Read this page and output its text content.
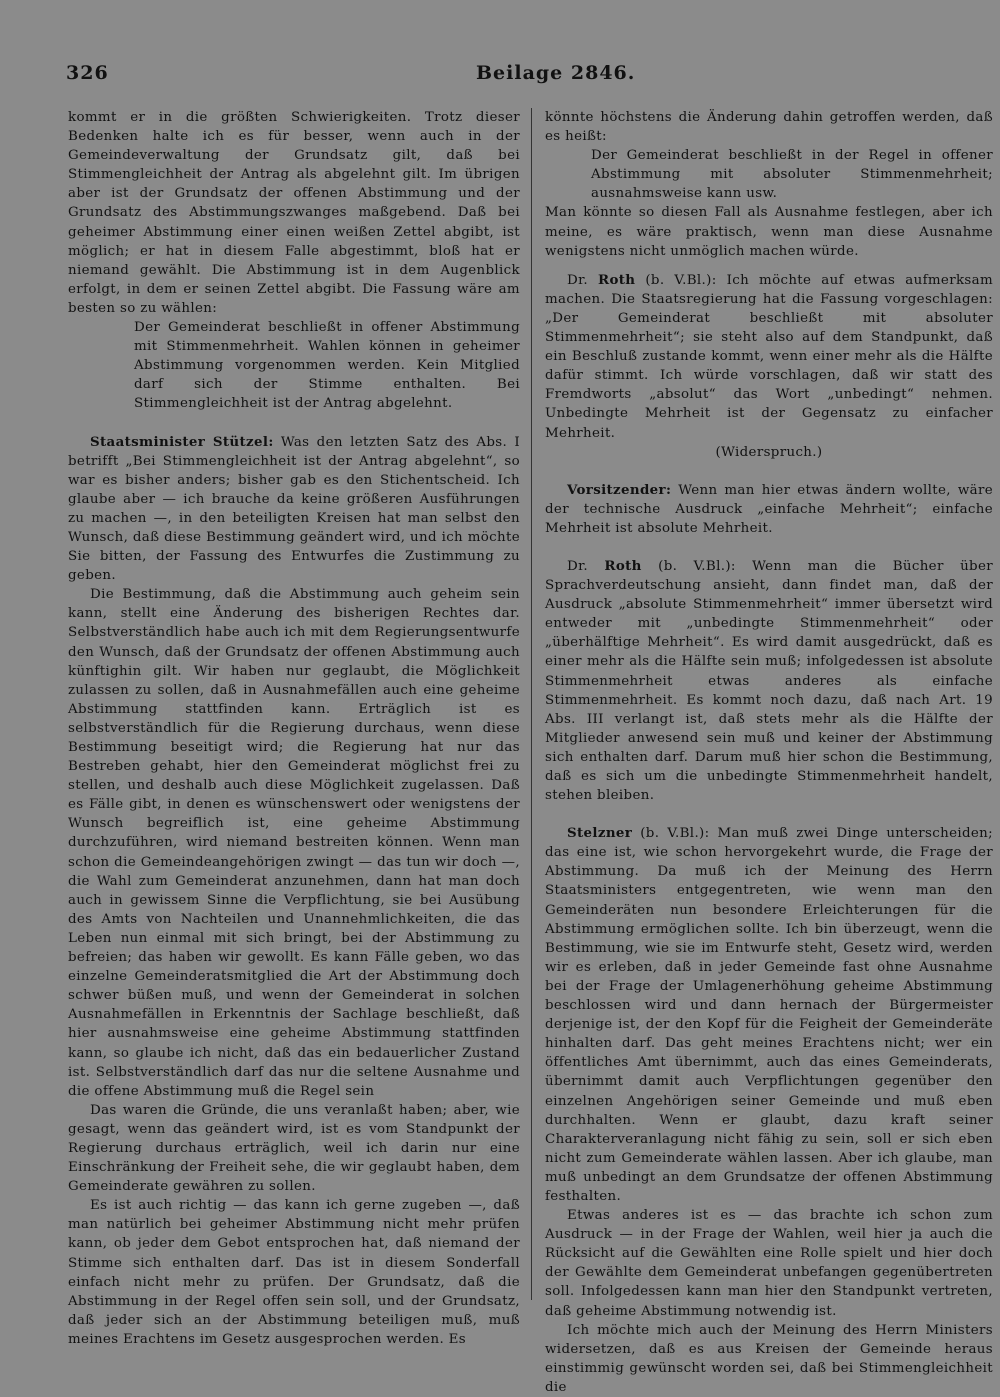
326	Beilage 2846.

kommt er in die größten Schwierigkeiten. Trotz dieser Bedenken halte ich es für besser, wenn auch in der Gemeindeverwaltung der Grundsatz gilt, daß bei Stimmengleichheit der Antrag als abgelehnt gilt. Im übrigen aber ist der Grundsatz der offenen Abstimmung und der Grundsatz des Abstimmungszwanges maßgebend. Daß bei geheimer Abstimmung einer einen weißen Zettel abgibt, ist möglich; er hat in diesem Falle abgestimmt, bloß hat er niemand gewählt. Die Abstimmung ist in dem Augenblick erfolgt, in dem er seinen Zettel abgibt. Die Fassung wäre am besten so zu wählen:

Der Gemeinderat beschließt in offener Abstimmung mit Stimmenmehrheit. Wahlen können in geheimer Abstimmung vorgenommen werden. Kein Mitglied darf sich der Stimme enthalten. Bei Stimmengleichheit ist der Antrag abgelehnt.

Staatsminister Stützel: Was den letzten Satz des Abs. I betrifft „Bei Stimmengleichheit ist der Antrag abgelehnt“, so war es bisher anders; bisher gab es den Stichentscheid. Ich glaube aber — ich brauche da keine größeren Ausführungen zu machen —, in den beteiligten Kreisen hat man selbst den Wunsch, daß diese Bestimmung geändert wird, und ich möchte Sie bitten, der Fassung des Entwurfes die Zustimmung zu geben.

Die Bestimmung, daß die Abstimmung auch geheim sein kann, stellt eine Änderung des bisherigen Rechtes dar. Selbstverständlich habe auch ich mit dem Regierungsentwurfe den Wunsch, daß der Grundsatz der offenen Abstimmung auch künftighin gilt. Wir haben nur geglaubt, die Möglichkeit zulassen zu sollen, daß in Ausnahmefällen auch eine geheime Abstimmung stattfinden kann. Erträglich ist es selbstverständlich für die Regierung durchaus, wenn diese Bestimmung beseitigt wird; die Regierung hat nur das Bestreben gehabt, hier den Gemeinderat möglichst frei zu stellen, und deshalb auch diese Möglichkeit zugelassen. Daß es Fälle gibt, in denen es wünschenswert oder wenigstens der Wunsch begreiflich ist, eine geheime Abstimmung durchzuführen, wird niemand bestreiten können. Wenn man schon die Gemeindeangehörigen zwingt — das tun wir doch —, die Wahl zum Gemeinderat anzunehmen, dann hat man doch auch in gewissem Sinne die Verpflichtung, sie bei Ausübung des Amts von Nachteilen und Unannehmlichkeiten, die das Leben nun einmal mit sich bringt, bei der Abstimmung zu befreien; das haben wir gewollt. Es kann Fälle geben, wo das einzelne Gemeinderatsmitglied die Art der Abstimmung doch schwer büßen muß, und wenn der Gemeinderat in solchen Ausnahmefällen in Erkenntnis der Sachlage beschließt, daß hier ausnahmsweise eine geheime Abstimmung stattfinden kann, so glaube ich nicht, daß das ein bedauerlicher Zustand ist. Selbstverständlich darf das nur die seltene Ausnahme und die offene Abstimmung muß die Regel sein

Das waren die Gründe, die uns veranlaßt haben; aber, wie gesagt, wenn das geändert wird, ist es vom Standpunkt der Regierung durchaus erträglich, weil ich darin nur eine Einschränkung der Freiheit sehe, die wir geglaubt haben, dem Gemeinderate gewähren zu sollen.

Es ist auch richtig — das kann ich gerne zugeben —, daß man natürlich bei geheimer Abstimmung nicht mehr prüfen kann, ob jeder dem Gebot entsprochen hat, daß niemand der Stimme sich enthalten darf. Das ist in diesem Sonderfall einfach nicht mehr zu prüfen. Der Grundsatz, daß die Abstimmung in der Regel offen sein soll, und der Grundsatz, daß jeder sich an der Abstimmung beteiligen muß, muß meines Erachtens im Gesetz ausgesprochen werden. Es

könnte höchstens die Änderung dahin getroffen werden, daß es heißt:

Der Gemeinderat beschließt in der Regel in offener Abstimmung mit absoluter Stimmenmehrheit; ausnahmsweise kann usw.

Man könnte so diesen Fall als Ausnahme festlegen, aber ich meine, es wäre praktisch, wenn man diese Ausnahme wenigstens nicht unmöglich machen würde.

Dr. Roth (b. V.Bl.): Ich möchte auf etwas aufmerksam machen. Die Staatsregierung hat die Fassung vorgeschlagen: „Der Gemeinderat beschließt mit absoluter Stimmenmehrheit“; sie steht also auf dem Standpunkt, daß ein Beschluß zustande kommt, wenn einer mehr als die Hälfte dafür stimmt. Ich würde vorschlagen, daß wir statt des Fremdworts „absolut“ das Wort „unbedingt“ nehmen. Unbedingte Mehrheit ist der Gegensatz zu einfacher Mehrheit.

(Widerspruch.)

Vorsitzender: Wenn man hier etwas ändern wollte, wäre der technische Ausdruck „einfache Mehrheit“; einfache Mehrheit ist absolute Mehrheit.

Dr. Roth (b. V.Bl.): Wenn man die Bücher über Sprachverdeutschung ansieht, dann findet man, daß der Ausdruck „absolute Stimmenmehrheit“ immer übersetzt wird entweder mit „unbedingte Stimmenmehrheit“ oder „überhälftige Mehrheit“. Es wird damit ausgedrückt, daß es einer mehr als die Hälfte sein muß; infolgedessen ist absolute Stimmenmehrheit etwas anderes als einfache Stimmenmehrheit. Es kommt noch dazu, daß nach Art. 19 Abs. III verlangt ist, daß stets mehr als die Hälfte der Mitglieder anwesend sein muß und keiner der Abstimmung sich enthalten darf. Darum muß hier schon die Bestimmung, daß es sich um die unbedingte Stimmenmehrheit handelt, stehen bleiben.

Stelzner (b. V.Bl.): Man muß zwei Dinge unterscheiden; das eine ist, wie schon hervorgekehrt wurde, die Frage der Abstimmung. Da muß ich der Meinung des Herrn Staatsministers entgegentreten, wie wenn man den Gemeinderäten nun besondere Erleichterungen für die Abstimmung ermöglichen sollte. Ich bin überzeugt, wenn die Bestimmung, wie sie im Entwurfe steht, Gesetz wird, werden wir es erleben, daß in jeder Gemeinde fast ohne Ausnahme bei der Frage der Umlagenerhöhung geheime Abstimmung beschlossen wird und dann hernach der Bürgermeister derjenige ist, der den Kopf für die Feigheit der Gemeinderäte hinhalten darf. Das geht meines Erachtens nicht; wer ein öffentliches Amt übernimmt, auch das eines Gemeinderats, übernimmt damit auch Verpflichtungen gegenüber den einzelnen Angehörigen seiner Gemeinde und muß eben durchhalten. Wenn er glaubt, dazu kraft seiner Charakterveranlagung nicht fähig zu sein, soll er sich eben nicht zum Gemeinderate wählen lassen. Aber ich glaube, man muß unbedingt an dem Grundsatze der offenen Abstimmung festhalten.

Etwas anderes ist es — das brachte ich schon zum Ausdruck — in der Frage der Wahlen, weil hier ja auch die Rücksicht auf die Gewählten eine Rolle spielt und hier doch der Gewählte dem Gemeinderat unbefangen gegenübertreten soll. Infolgedessen kann man hier den Standpunkt vertreten, daß geheime Abstimmung notwendig ist.

Ich möchte mich auch der Meinung des Herrn Ministers widersetzen, daß es aus Kreisen der Gemeinde heraus einstimmig gewünscht worden sei, daß bei Stimmengleichheit die
